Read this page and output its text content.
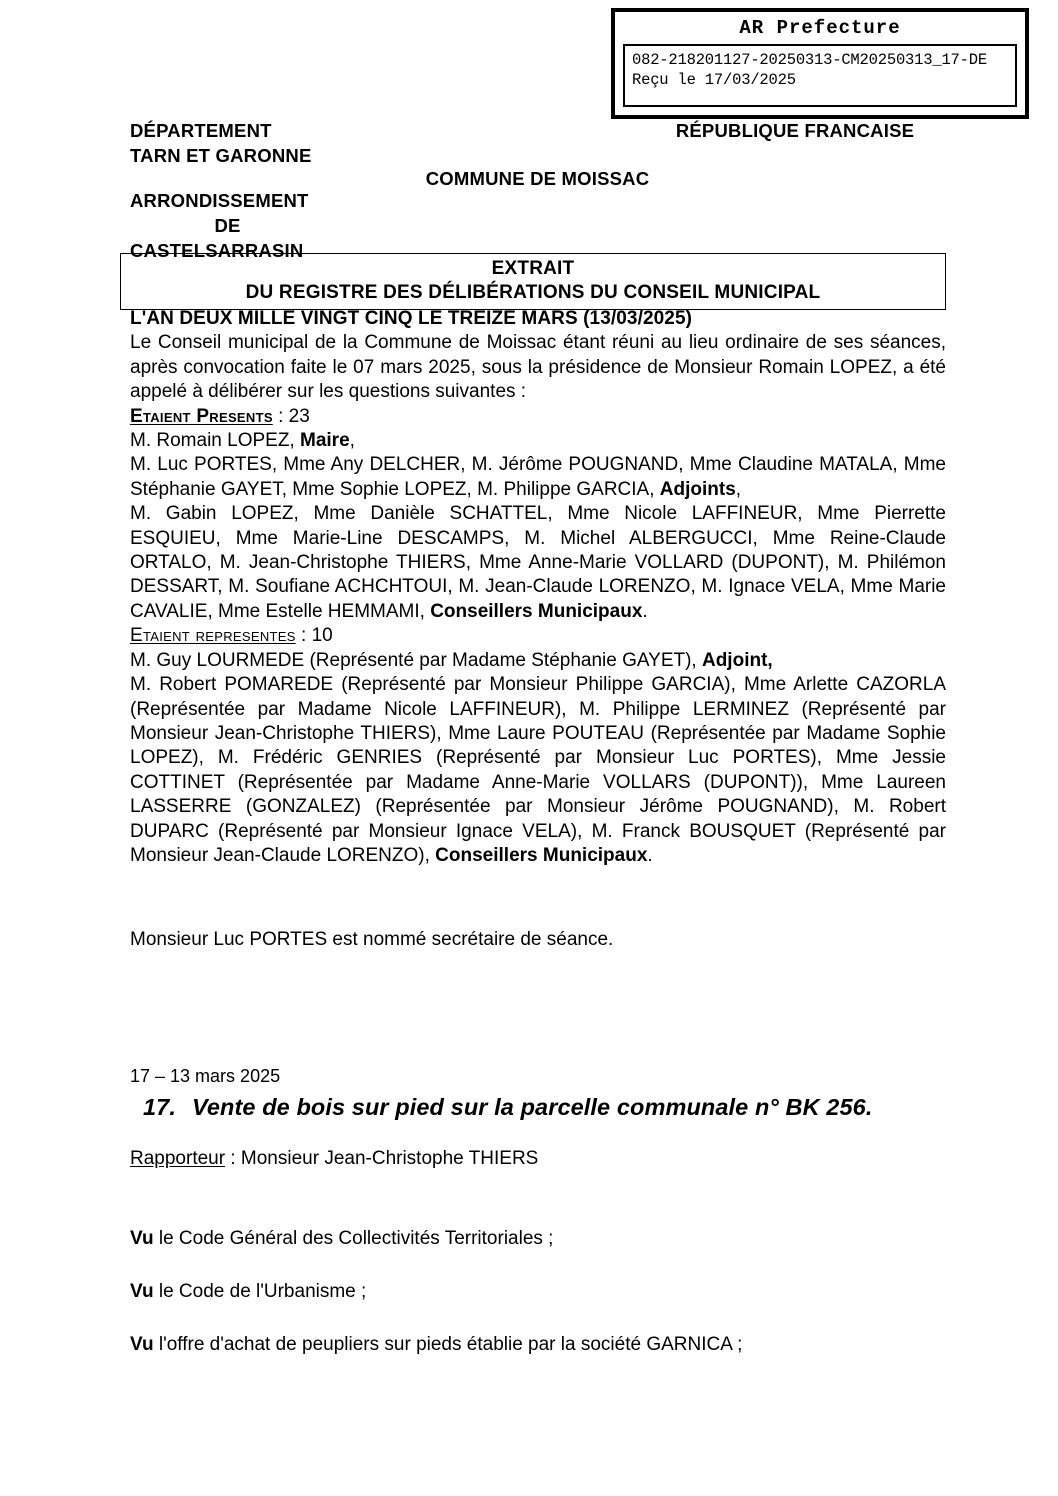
AR Prefecture
082-218201127-20250313-CM20250313_17-DE
Reçu le 17/03/2025
DÉPARTEMENT
TARN ET GARONNE
ARRONDISSEMENT
DE
CASTELSARRASIN
RÉPUBLIQUE FRANCAISE
COMMUNE DE MOISSAC
EXTRAIT
DU REGISTRE DES DÉLIBÉRATIONS DU CONSEIL MUNICIPAL
L'AN DEUX MILLE VINGT CINQ LE TREIZE MARS (13/03/2025)
Le Conseil municipal de la Commune de Moissac étant réuni au lieu ordinaire de ses séances, après convocation faite le 07 mars 2025, sous la présidence de Monsieur Romain LOPEZ, a été appelé à délibérer sur les questions suivantes :
Etaient Presents : 23
M. Romain LOPEZ, Maire,
M. Luc PORTES, Mme Any DELCHER, M. Jérôme POUGNAND, Mme Claudine MATALA, Mme Stéphanie GAYET, Mme Sophie LOPEZ, M. Philippe GARCIA, Adjoints,
M. Gabin LOPEZ, Mme Danièle SCHATTEL, Mme Nicole LAFFINEUR, Mme Pierrette ESQUIEU, Mme Marie-Line DESCAMPS, M. Michel ALBERGUCCI, Mme Reine-Claude ORTALO, M. Jean-Christophe THIERS, Mme Anne-Marie VOLLARD (DUPONT), M. Philémon DESSART, M. Soufiane ACHCHTOUI, M. Jean-Claude LORENZO, M. Ignace VELA, Mme Marie CAVALIE, Mme Estelle HEMMAMI, Conseillers Municipaux.
Etaient representes : 10
M. Guy LOURMEDE (Représenté par Madame Stéphanie GAYET), Adjoint,
M. Robert POMAREDE (Représenté par Monsieur Philippe GARCIA), Mme Arlette CAZORLA (Représentée par Madame Nicole LAFFINEUR), M. Philippe LERMINEZ (Représenté par Monsieur Jean-Christophe THIERS), Mme Laure POUTEAU (Représentée par Madame Sophie LOPEZ), M. Frédéric GENRIES (Représenté par Monsieur Luc PORTES), Mme Jessie COTTINET (Représentée par Madame Anne-Marie VOLLARS (DUPONT)), Mme Laureen LASSERRE (GONZALEZ) (Représentée par Monsieur Jérôme POUGNAND), M. Robert DUPARC (Représenté par Monsieur Ignace VELA), M. Franck BOUSQUET (Représenté par Monsieur Jean-Claude LORENZO), Conseillers Municipaux.
Monsieur Luc PORTES est nommé secrétaire de séance.
17 – 13 mars 2025
17. Vente de bois sur pied sur la parcelle communale n° BK 256.
Rapporteur : Monsieur Jean-Christophe THIERS
Vu le Code Général des Collectivités Territoriales ;
Vu le Code de l'Urbanisme ;
Vu l'offre d'achat de peupliers sur pieds établie par la société GARNICA ;
